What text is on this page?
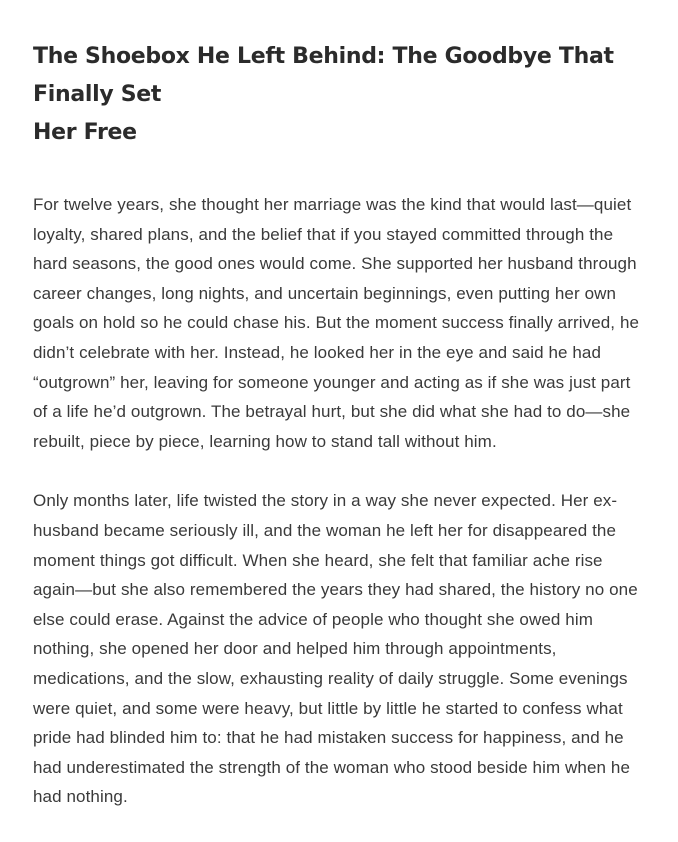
The Shoebox He Left Behind: The Goodbye That Finally Set
Her Free

For twelve years, she thought her marriage was the kind that would last—quiet
loyalty, shared plans, and the belief that if you stayed committed through the
hard seasons, the good ones would come. She supported her husband through
career changes, long nights, and uncertain beginnings, even putting her own
goals on hold so he could chase his. But the moment success finally arrived, he
didn’t celebrate with her. Instead, he looked her in the eye and said he had
“outgrown” her, leaving for someone younger and acting as if she was just part
of a life he’d outgrown. The betrayal hurt, but she did what she had to do—she
rebuilt, piece by piece, learning how to stand tall without him.

Only months later, life twisted the story in a way she never expected. Her ex-
husband became seriously ill, and the woman he left her for disappeared the
moment things got difficult. When she heard, she felt that familiar ache rise
again—but she also remembered the years they had shared, the history no one
else could erase. Against the advice of people who thought she owed him
nothing, she opened her door and helped him through appointments,
medications, and the slow, exhausting reality of daily struggle. Some evenings
were quiet, and some were heavy, but little by little he started to confess what
pride had blinded him to: that he had mistaken success for happiness, and he
had underestimated the strength of the woman who stood beside him when he
had nothing.
